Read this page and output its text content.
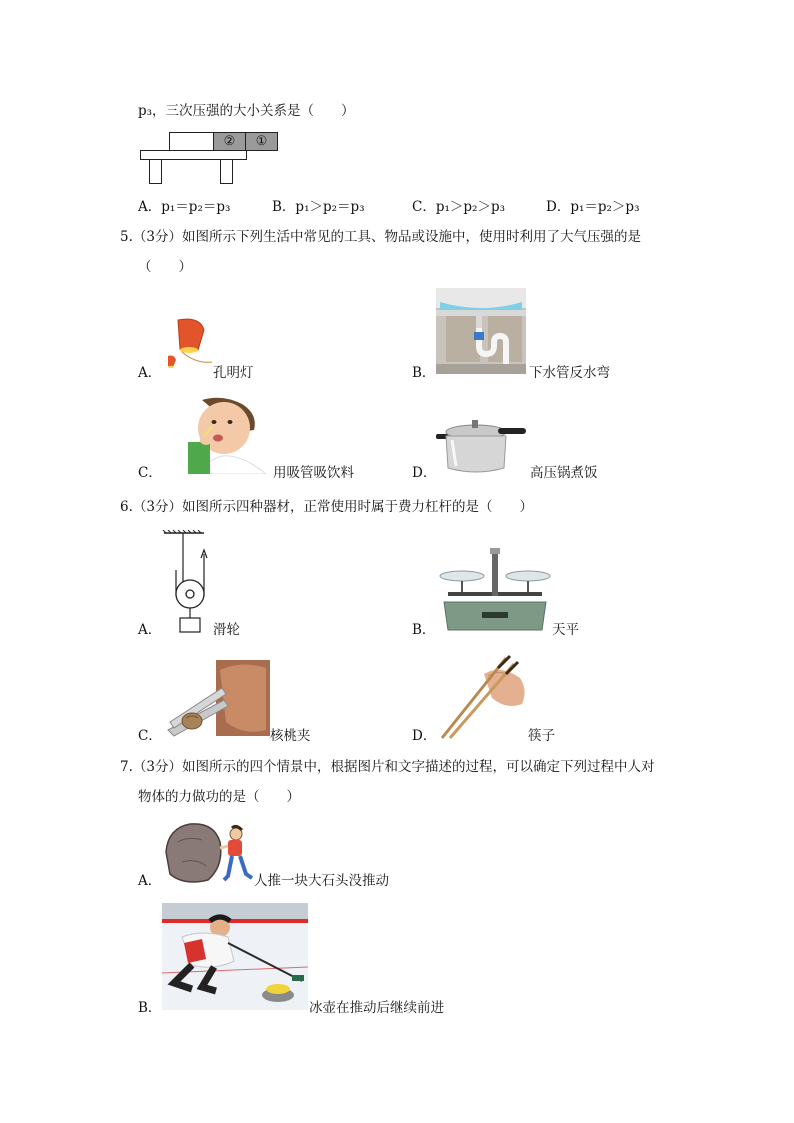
p₃，三次压强的大小关系是（　　）
②	①
A．p₁＝p₂＝p₃	B．p₁＞p₂＝p₃	C．p₁＞p₂＞p₃	D．p₁＝p₂＞p₃
5.（3分）如图所示下列生活中常见的工具、物品或设施中，使用时利用了大气压强的是
（　　）
A．	孔明灯	B．	下水管反水弯
C．	用吸管吸饮料	D．	高压锅煮饭
6.（3分）如图所示四种器材，正常使用时属于费力杠杆的是（　　）
A．	滑轮	B．	天平
C．	核桃夹	D．	筷子
7.（3分）如图所示的四个情景中，根据图片和文字描述的过程，可以确定下列过程中人对
物体的力做功的是（　　）
A．	人推一块大石头没推动
B．	冰壶在推动后继续前进
